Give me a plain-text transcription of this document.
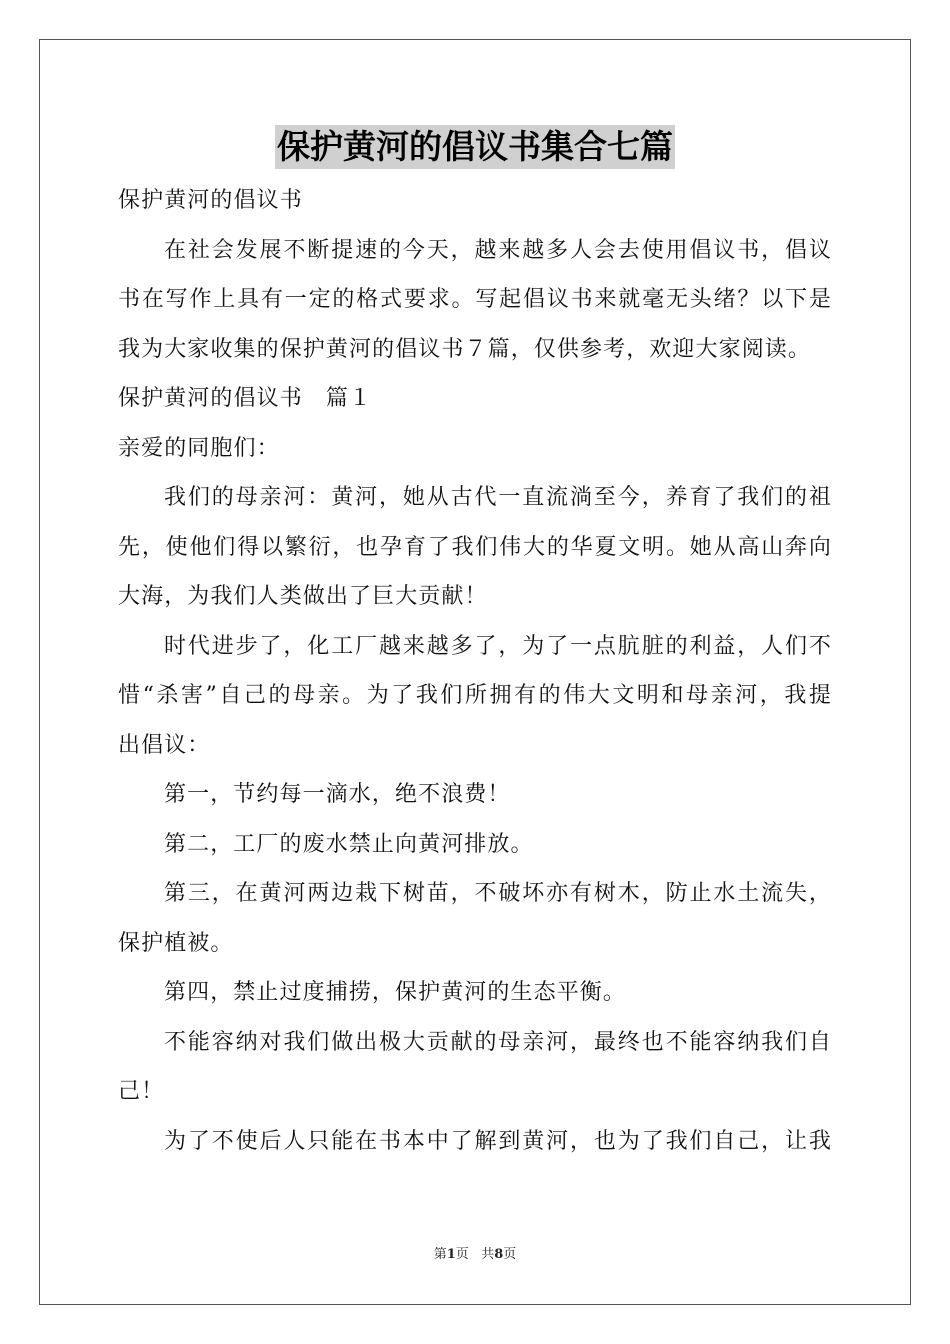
保护黄河的倡议书集合七篇
保护黄河的倡议书
在社会发展不断提速的今天，越来越多人会去使用倡议书，倡议
书在写作上具有一定的格式要求。写起倡议书来就毫无头绪？以下是
我为大家收集的保护黄河的倡议书７篇，仅供参考，欢迎大家阅读。
保护黄河的倡议书　篇１
亲爱的同胞们：
我们的母亲河：黄河，她从古代一直流淌至今，养育了我们的祖
先，使他们得以繁衍，也孕育了我们伟大的华夏文明。她从高山奔向
大海，为我们人类做出了巨大贡献！
时代进步了，化工厂越来越多了，为了一点肮脏的利益，人们不
惜“杀害”自己的母亲。为了我们所拥有的伟大文明和母亲河，我提
出倡议：
第一，节约每一滴水，绝不浪费！
第二，工厂的废水禁止向黄河排放。
第三，在黄河两边栽下树苗，不破坏亦有树木，防止水土流失，
保护植被。
第四，禁止过度捕捞，保护黄河的生态平衡。
不能容纳对我们做出极大贡献的母亲河，最终也不能容纳我们自
己！
为了不使后人只能在书本中了解到黄河，也为了我们自己，让我
第1页 共8页
